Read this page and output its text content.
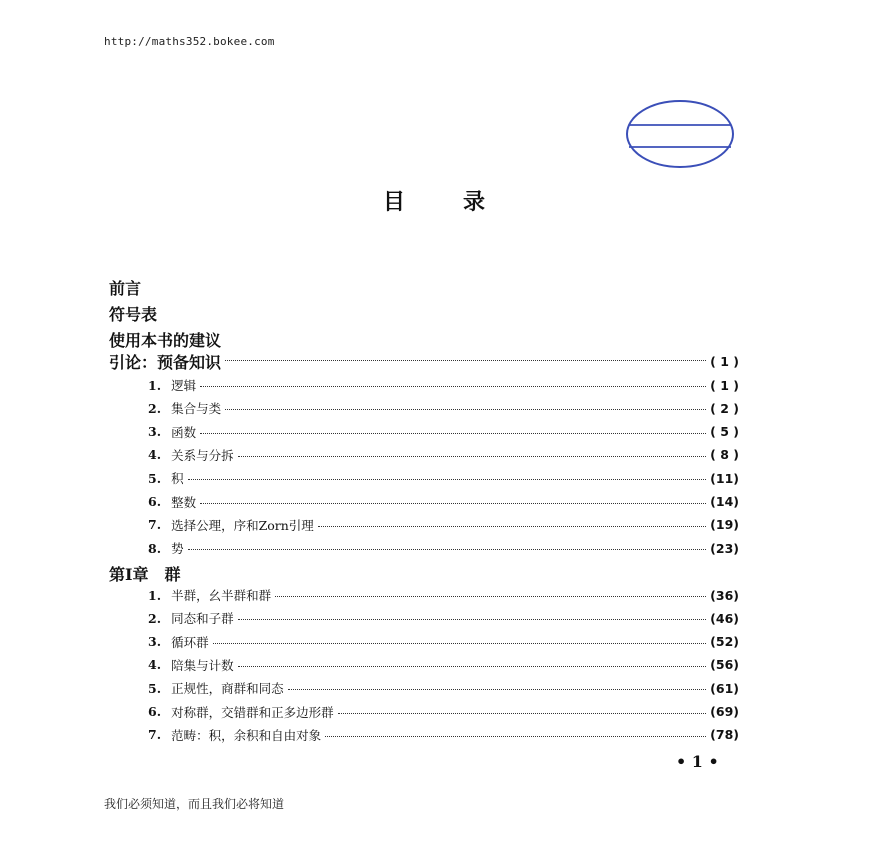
http://maths352.bokee.com
目	录
前言
符号表
使用本书的建议
引论：预备知识	( 1 )
1. 逻辑	( 1 )
2. 集合与类	( 2 )
3. 函数	( 5 )
4. 关系与分拆	( 8 )
5. 积	(11)
6. 整数	(14)
7. 选择公理，序和Zorn引理	(19)
8. 势	(23)
第I章　群
1. 半群，幺半群和群	(36)
2. 同态和子群	(46)
3. 循环群	(52)
4. 陪集与计数	(56)
5. 正规性，商群和同态	(61)
6. 对称群，交错群和正多边形群	(69)
7. 范畴：积，余积和自由对象	(78)
• 1 •
我们必须知道，而且我们必将知道
